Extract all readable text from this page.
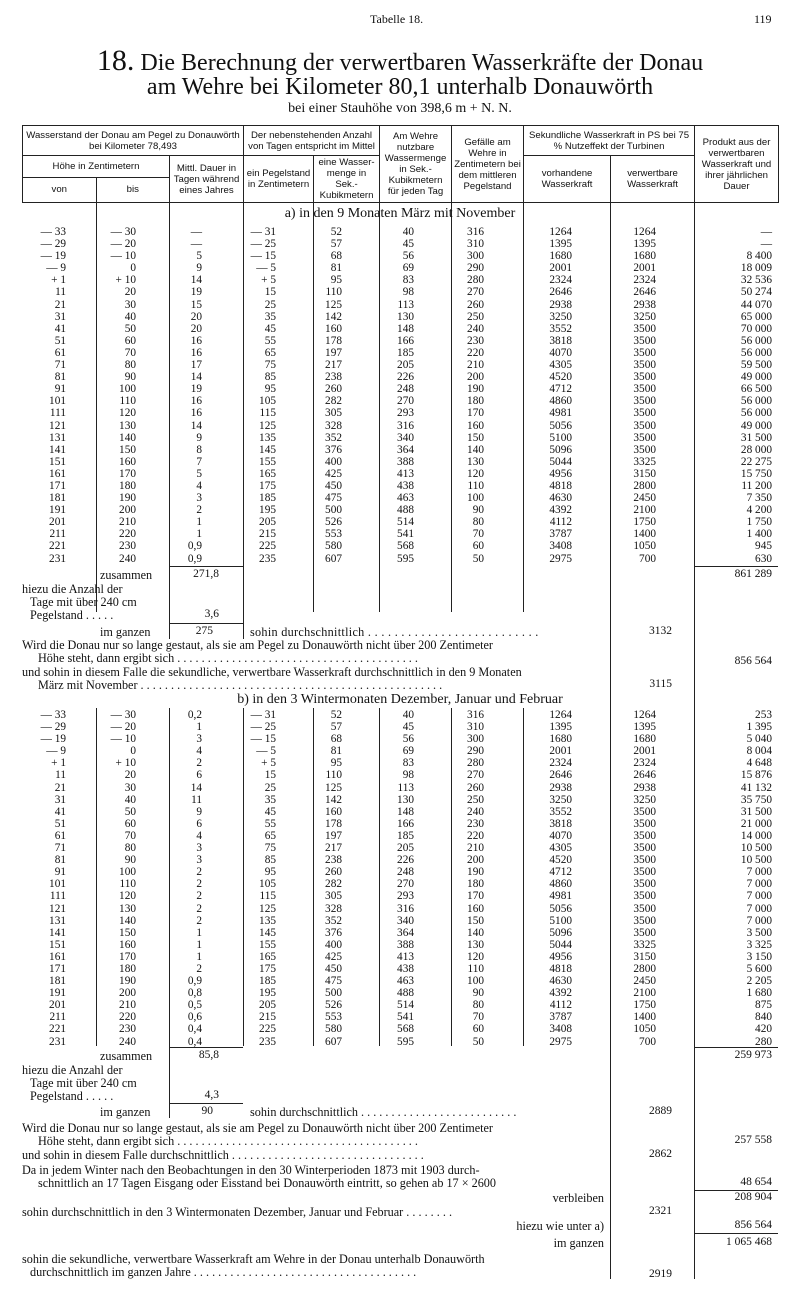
Tabelle 18.	119
18. Die Berechnung der verwertbaren Wasserkräfte der Donau
am Wehre bei Kilometer 80,1 unterhalb Donauwörth
bei einer Stauhöhe von 398,6 m + N. N.
Wasserstand der Donau am Pegel zu Donauwörth bei Kilometer 78,493		Der nebenstehenden Anzahl von Tagen entspricht im Mittel		Am Wehre nutzbare Wassermenge in Sek.-Kubikmetern für jeden Tag	Gefälle am Wehre in Zentimetern bei dem mittleren Pegelstand	Sekundliche Wasserkraft in PS bei 75 % Nutzeffekt der Turbinen		Produkt aus der verwertbaren Wasserkraft und ihrer jährlichen Dauer

Höhe in Zentimetern
von bis	Mittl. Dauer in Tagen während eines Jahres	ein Pegelstand in Zentimetern	eine Wasser-menge in Sek.-Kubikmetern			vorhandene Wasserkraft	verwertbare Wasserkraft	
a) in den 9 Monaten März mit November
— 33	— 30	—	— 31	52	40	316	1264	1264	—
— 29	— 20	—	— 25	57	45	310	1395	1395	—
— 19	— 10	5	— 15	68	56	300	1680	1680	8 400
— 9	0	9	— 5	81	69	290	2001	2001	18 009
+ 1	+ 10	14	+ 5	95	83	280	2324	2324	32 536
11	20	19	15	110	98	270	2646	2646	50 274
21	30	15	25	125	113	260	2938	2938	44 070
31	40	20	35	142	130	250	3250	3250	65 000
41	50	20	45	160	148	240	3552	3500	70 000
51	60	16	55	178	166	230	3818	3500	56 000
61	70	16	65	197	185	220	4070	3500	56 000
71	80	17	75	217	205	210	4305	3500	59 500
81	90	14	85	238	226	200	4520	3500	49 000
91	100	19	95	260	248	190	4712	3500	66 500
101	110	16	105	282	270	180	4860	3500	56 000
111	120	16	115	305	293	170	4981	3500	56 000
121	130	14	125	328	316	160	5056	3500	49 000
131	140	9	135	352	340	150	5100	3500	31 500
141	150	8	145	376	364	140	5096	3500	28 000
151	160	7	155	400	388	130	5044	3325	22 275
161	170	5	165	425	413	120	4956	3150	15 750
171	180	4	175	450	438	110	4818	2800	11 200
181	190	3	185	475	463	100	4630	2450	7 350
191	200	2	195	500	488	90	4392	2100	4 200
201	210	1	205	526	514	80	4112	1750	1 750
211	220	1	215	553	541	70	3787	1400	1 400
221	230	0,9	225	580	568	60	3408	1050	945
231	240	0,9	235	607	595	50	2975	700	630
zusammen	271,8	861 289
hiezu die Anzahl der
Tage mit über 240 cm
Pegelstand . . . . .	3,6
im ganzen	275	sohin durchschnittlich . . . . . . . . . . . . . . . . . . . . . . . . . .	3132
Wird die Donau nur so lange gestaut, als sie am Pegel zu Donauwörth nicht über 200 Zentimeter
Höhe steht, dann ergibt sich . . . . . . . . . . . . . . . . . . . . . . . . . . . . . . . . . . . . . . . .	856 564
und sohin in diesem Falle die sekundliche, verwertbare Wasserkraft durchschnittlich in den 9 Monaten
März mit November . . . . . . . . . . . . . . . . . . . . . . . . . . . . . . . . . . . . . . . . . . . . . . . . . .	3115
b) in den 3 Wintermonaten Dezember, Januar und Februar
— 33	— 30	0,2	— 31	52	40	316	1264	1264	253
— 29	— 20	1	— 25	57	45	310	1395	1395	1 395
— 19	— 10	3	— 15	68	56	300	1680	1680	5 040
— 9	0	4	— 5	81	69	290	2001	2001	8 004
+ 1	+ 10	2	+ 5	95	83	280	2324	2324	4 648
11	20	6	15	110	98	270	2646	2646	15 876
21	30	14	25	125	113	260	2938	2938	41 132
31	40	11	35	142	130	250	3250	3250	35 750
41	50	9	45	160	148	240	3552	3500	31 500
51	60	6	55	178	166	230	3818	3500	21 000
61	70	4	65	197	185	220	4070	3500	14 000
71	80	3	75	217	205	210	4305	3500	10 500
81	90	3	85	238	226	200	4520	3500	10 500
91	100	2	95	260	248	190	4712	3500	7 000
101	110	2	105	282	270	180	4860	3500	7 000
111	120	2	115	305	293	170	4981	3500	7 000
121	130	2	125	328	316	160	5056	3500	7 000
131	140	2	135	352	340	150	5100	3500	7 000
141	150	1	145	376	364	140	5096	3500	3 500
151	160	1	155	400	388	130	5044	3325	3 325
161	170	1	165	425	413	120	4956	3150	3 150
171	180	2	175	450	438	110	4818	2800	5 600
181	190	0,9	185	475	463	100	4630	2450	2 205
191	200	0,8	195	500	488	90	4392	2100	1 680
201	210	0,5	205	526	514	80	4112	1750	875
211	220	0,6	215	553	541	70	3787	1400	840
221	230	0,4	225	580	568	60	3408	1050	420
231	240	0,4	235	607	595	50	2975	700	280
zusammen	85,8	259 973
hiezu die Anzahl der
Tage mit über 240 cm
Pegelstand . . . . .	4,3
im ganzen	90	sohin durchschnittlich . . . . . . . . . . . . . . . . . . . . . . . . . .	2889
Wird die Donau nur so lange gestaut, als sie am Pegel zu Donauwörth nicht über 200 Zentimeter
Höhe steht, dann ergibt sich . . . . . . . . . . . . . . . . . . . . . . . . . . . . . . . . . . . . . . . .	257 558
und sohin in diesem Falle durchschnittlich . . . . . . . . . . . . . . . . . . . . . . . . . . . . . . . .	2862
Da in jedem Winter nach den Beobachtungen in den 30 Winterperioden 1873 mit 1903 durch-
schnittlich an 17 Tagen Eisgang oder Eisstand bei Donauwörth eintritt, so gehen ab 17 × 2600	48 654
verbleiben	208 904
sohin durchschnittlich in den 3 Wintermonaten Dezember, Januar und Februar . . . . . . . .	2321
hiezu wie unter a)	856 564
im ganzen	1 065 468
sohin die sekundliche, verwertbare Wasserkraft am Wehre in der Donau unterhalb Donauwörth
durchschnittlich im ganzen Jahre . . . . . . . . . . . . . . . . . . . . . . . . . . . . . . . . . . . . .	2919
